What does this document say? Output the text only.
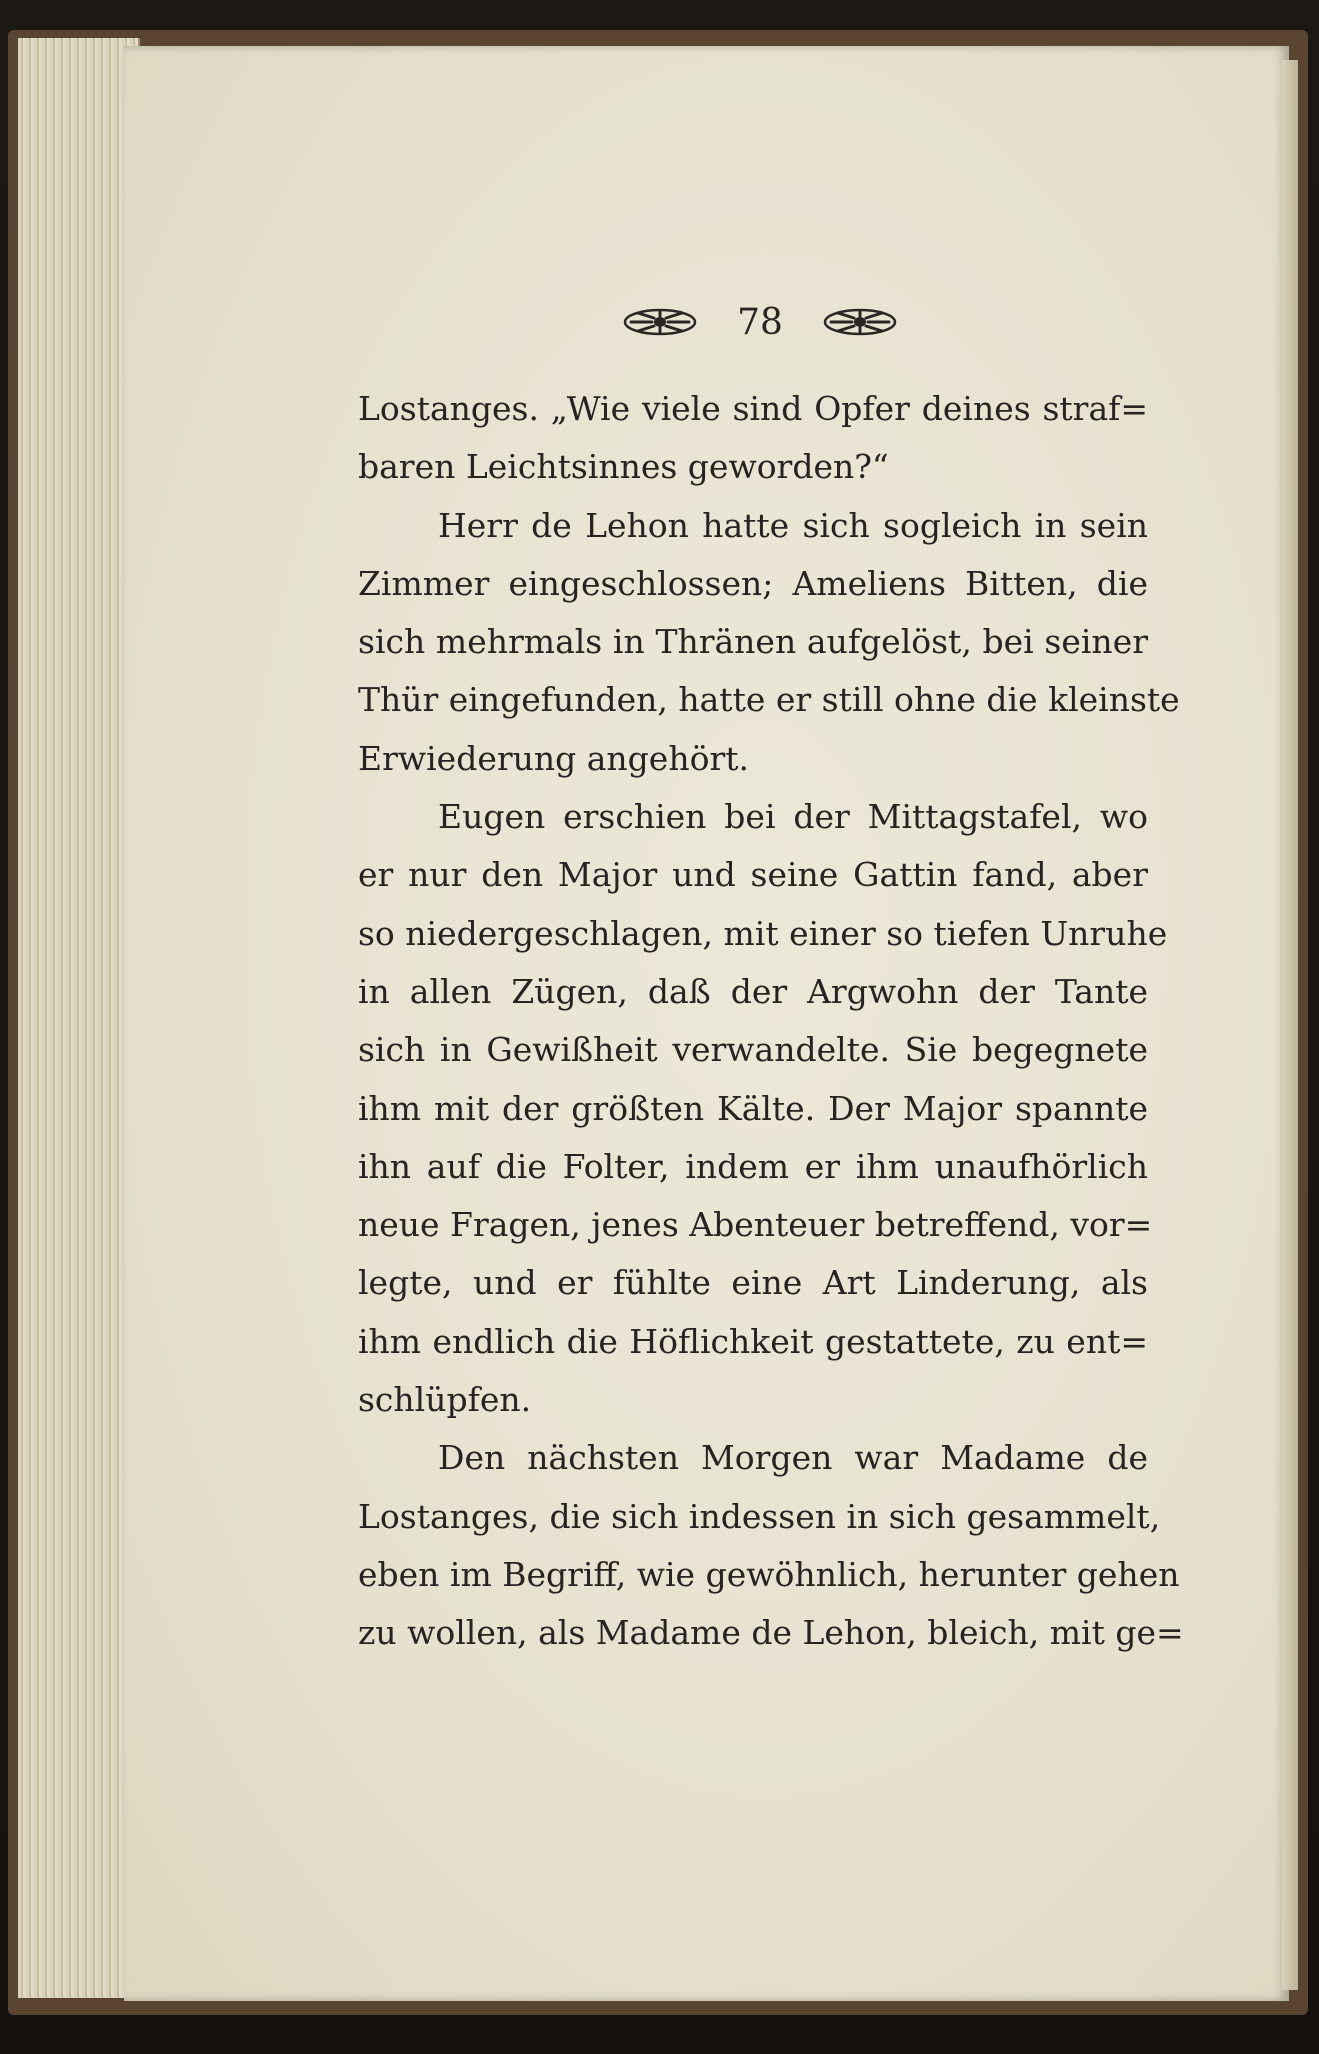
78
Lostanges. „Wie viele sind Opfer deines straf=
baren Leichtsinnes geworden?“
Herr de Lehon hatte sich sogleich in sein
Zimmer eingeschlossen; Ameliens Bitten, die
sich mehrmals in Thränen aufgelöst, bei seiner
Thür eingefunden, hatte er still ohne die kleinste
Erwiederung angehört.
Eugen erschien bei der Mittagstafel, wo
er nur den Major und seine Gattin fand, aber
so niedergeschlagen, mit einer so tiefen Unruhe
in allen Zügen, daß der Argwohn der Tante
sich in Gewißheit verwandelte. Sie begegnete
ihm mit der größten Kälte. Der Major spannte
ihn auf die Folter, indem er ihm unaufhörlich
neue Fragen, jenes Abenteuer betreffend, vor=
legte, und er fühlte eine Art Linderung, als
ihm endlich die Höflichkeit gestattete, zu ent=
schlüpfen.
Den nächsten Morgen war Madame de
Lostanges, die sich indessen in sich gesammelt,
eben im Begriff, wie gewöhnlich, herunter gehen
zu wollen, als Madame de Lehon, bleich, mit ge=
